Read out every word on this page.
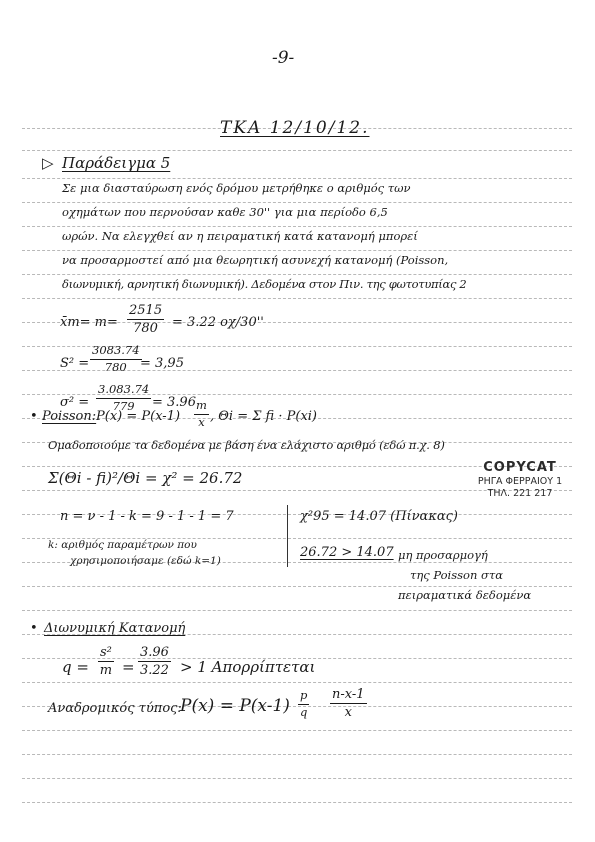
-9-
ΤΚΑ 12/10/12.
▷ Παράδειγμα 5
Σε μια διασταύρωση ενός δρόμου μετρήθηκε ο αριθμός των
οχημάτων που περνούσαν καθε 30'' για μια περίοδο 6,5
ωρών. Να ελεγχθεί αν η πειραματική κατά κατανομή μπορεί
να προσαρμοστεί από μια θεωρητική ασυνεχή κατανομή (Poisson,
διωνυμική, αρνητική διωνυμική). Δεδομένα στον Πιν. της φωτοτυπίας 2
x̄m= $m= \frac{2515}{780} = 3.22$ οχ/30''
$S^2 = \frac{3083.74}{780}$
= 3,95
$\sigma^2 = \frac{3.083.74}{779} = 3.96$
• Poisson: $P(x) = P(x-1) \frac{m}{x}$ , Θi = Σ fi · P(xi)
Ομαδοποιούμε τα δεδομένα με βάση ένα ελάχιστο αριθμό (εδώ π.χ. 8)
Σ(Θi - fi)²/Θi = χ² = 26.72
COPYCAT
ΡΗΓΑ ΦΕΡΡΑΙΟΥ 1
ΤΗΛ. 221 217
n = ν - 1 - k = 9 - 1 - 1 = 7
k: αριθμός παραμέτρων που
χρησιμοποιήσαμε (εδώ k=1)
χ²95 = 14.07 (Πίνακας)
26.72 > 14.07 μη προσαρμογή
της Poisson στα
πειραματικά δεδομένα
• Διωνυμική Κατανομή
$q = \frac{\text{s²}}{m} = \frac{3.96}{3.22} > 1$ Απορρίπτεται
Αναδρομικός τύπος:
$P(x) = P(x-1) \frac{p}{q} \frac{n-x-1}{x}$
